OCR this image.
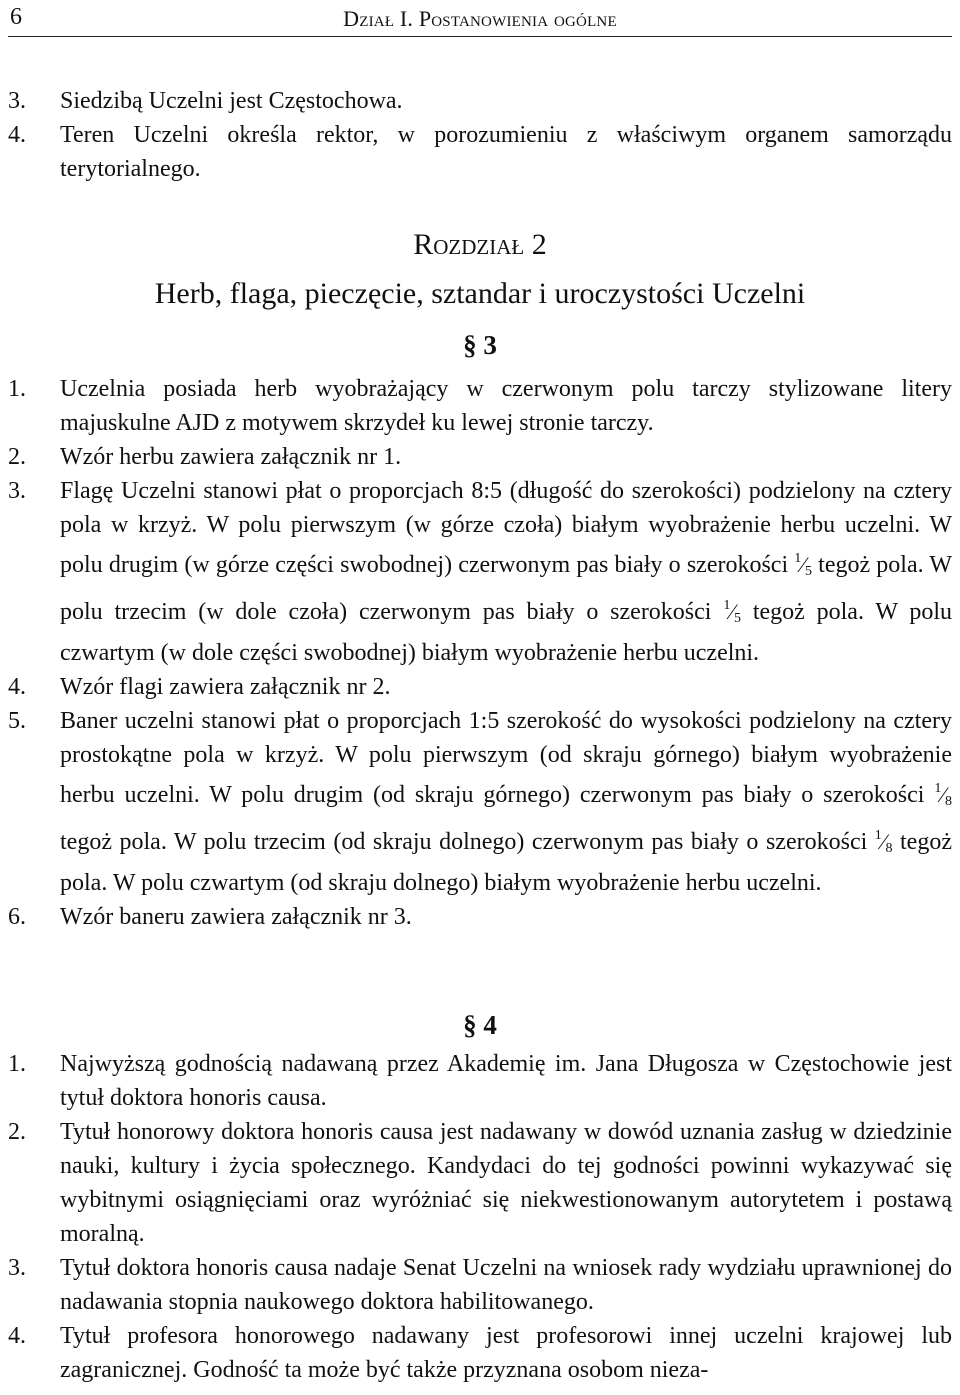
6	Dział I. Postanowienia ogólne
3. Siedzibą Uczelni jest Częstochowa.
4. Teren Uczelni określa rektor, w porozumieniu z właściwym organem samorządu terytorialnego.
Rozdział 2
Herb, flaga, pieczęcie, sztandar i uroczystości Uczelni
§ 3
1. Uczelnia posiada herb wyobrażający w czerwonym polu tarczy stylizowane litery majuskulne AJD z motywem skrzydeł ku lewej stronie tarczy.
2. Wzór herbu zawiera załącznik nr 1.
3. Flagę Uczelni stanowi płat o proporcjach 8:5 (długość do szerokości) podzielony na cztery pola w krzyż. W polu pierwszym (w górze czoła) białym wyobrażenie herbu uczelni. W polu drugim (w górze części swobodnej) czerwonym pas biały o szerokości $^1⁄_5$ tegoż pola. W polu trzecim (w dole czoła) czerwonym pas biały o szerokości $^1⁄_5$ tegoż pola. W polu czwartym (w dole części swobodnej) białym wyobrażenie herbu uczelni.
4. Wzór flagi zawiera załącznik nr 2.
5. Baner uczelni stanowi płat o proporcjach 1:5 szerokość do wysokości podzielony na cztery prostokątne pola w krzyż. W polu pierwszym (od skraju górnego) białym wyobrażenie herbu uczelni. W polu drugim (od skraju górnego) czerwonym pas biały o szerokości $^1⁄_8$ tegoż pola. W polu trzecim (od skraju dolnego) czerwonym pas biały o szerokości $^1⁄_8$ tegoż pola. W polu czwartym (od skraju dolnego) białym wyobrażenie herbu uczelni.
6. Wzór baneru zawiera załącznik nr 3.
§ 4
1. Najwyższą godnością nadawaną przez Akademię im. Jana Długosza w Częstochowie jest tytuł doktora honoris causa.
2. Tytuł honorowy doktora honoris causa jest nadawany w dowód uznania zasług w dziedzinie nauki, kultury i życia społecznego. Kandydaci do tej godności powinni wykazywać się wybitnymi osiągnięciami oraz wyróżniać się niekwestionowanym autorytetem i postawą moralną.
3. Tytuł doktora honoris causa nadaje Senat Uczelni na wniosek rady wydziału uprawnionej do nadawania stopnia naukowego doktora habilitowanego.
4. Tytuł profesora honorowego nadawany jest profesorowi innej uczelni krajowej lub zagranicznej. Godność ta może być także przyznana osobom nieza-
